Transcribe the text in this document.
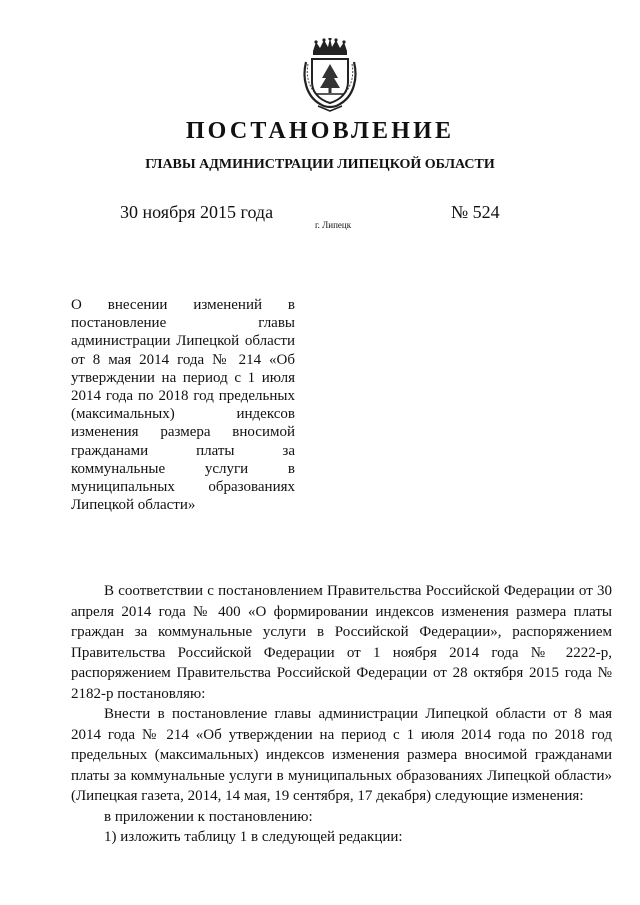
ПОСТАНОВЛЕНИЕ
ГЛАВЫ АДМИНИСТРАЦИИ ЛИПЕЦКОЙ ОБЛАСТИ
30 ноября 2015 года
г. Липецк
№ 524
О внесении изменений в постановление главы администрации Липецкой области от 8 мая 2014 года № 214 «Об утверждении на период с 1 июля 2014 года по 2018 год предельных (максимальных) индексов изменения размера вносимой гражданами платы за коммунальные услуги в муниципальных образованиях Липецкой области»

В соответствии с постановлением Правительства Российской Федерации от 30 апреля 2014 года № 400 «О формировании индексов изменения размера платы граждан за коммунальные услуги в Российской Федерации», распоряжением Правительства Российской Федерации от 1 ноября 2014 года № 2222-р, распоряжением Правительства Российской Федерации от 28 октября 2015 года № 2182-р постановляю:

Внести в постановление главы администрации Липецкой области от 8 мая 2014 года № 214 «Об утверждении на период с 1 июля 2014 года по 2018 год предельных (максимальных) индексов изменения размера вносимой гражданами платы за коммунальные услуги в муниципальных образованиях Липецкой области» (Липецкая газета, 2014, 14 мая, 19 сентября, 17 декабря) следующие изменения:

в приложении к постановлению:

1) изложить таблицу 1 в следующей редакции:
